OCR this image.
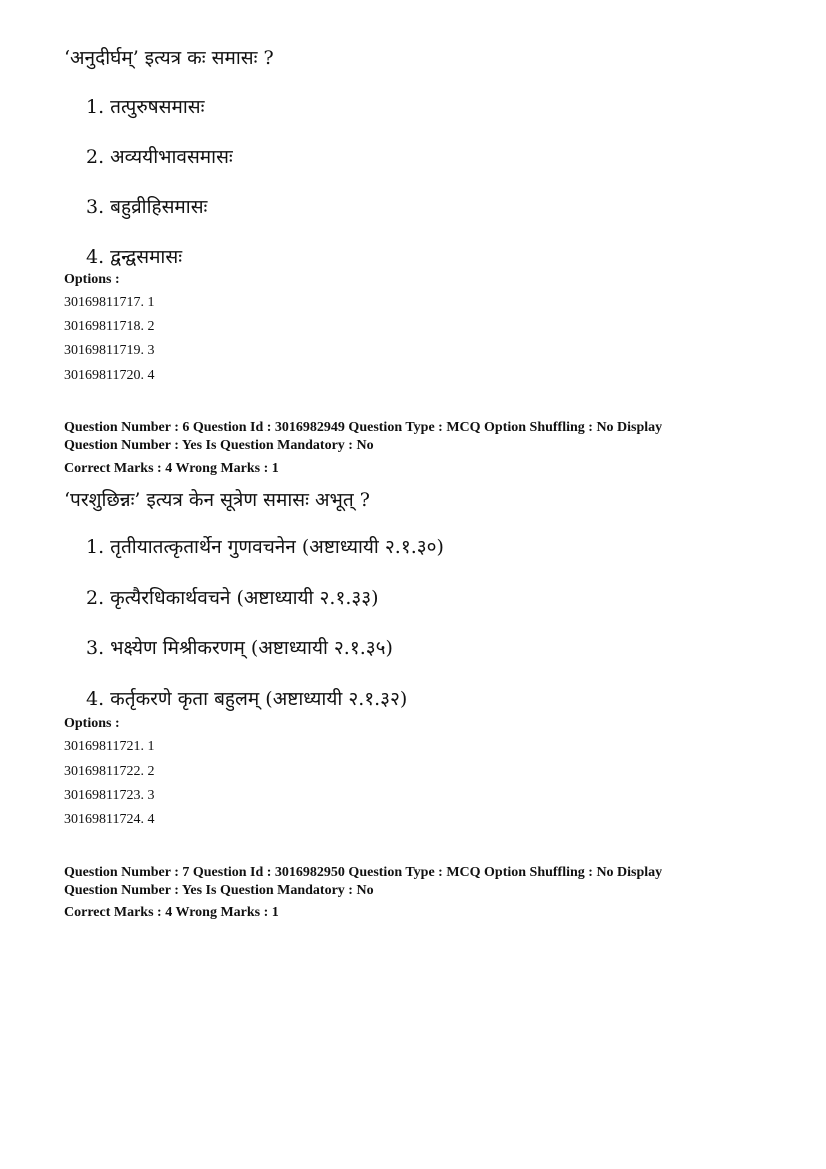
‘अनुदीर्घम्’ इत्यत्र कः समासः ?
1. तत्पुरुषसमासः
2. अव्ययीभावसमासः
3. बहुव्रीहिसमासः
4. द्वन्द्वसमासः
Options :
30169811717. 1
30169811718. 2
30169811719. 3
30169811720. 4
Question Number : 6 Question Id : 3016982949 Question Type : MCQ Option Shuffling : No Display
Question Number : Yes Is Question Mandatory : No
Correct Marks : 4 Wrong Marks : 1
‘परशुछिन्नः’ इत्यत्र केन सूत्रेण समासः अभूत् ?
1. तृतीयातत्कृतार्थेन गुणवचनेन (अष्टाध्यायी २.१.३०)
2. कृत्यैरधिकार्थवचने (अष्टाध्यायी २.१.३३)
3. भक्ष्येण मिश्रीकरणम् (अष्टाध्यायी २.१.३५)
4. कर्तृकरणे कृता बहुलम् (अष्टाध्यायी २.१.३२)
Options :
30169811721. 1
30169811722. 2
30169811723. 3
30169811724. 4
Question Number : 7 Question Id : 3016982950 Question Type : MCQ Option Shuffling : No Display
Question Number : Yes Is Question Mandatory : No
Correct Marks : 4 Wrong Marks : 1
